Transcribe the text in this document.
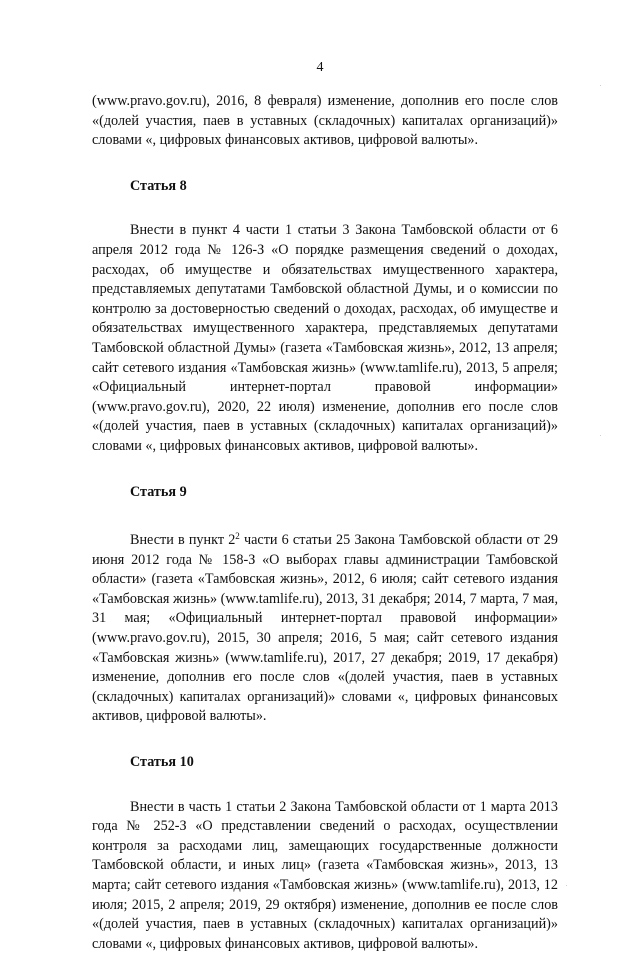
4

(www.pravo.gov.ru), 2016, 8 февраля) изменение, дополнив его после слов «(долей участия, паев в уставных (складочных) капиталах организаций)» словами «, цифровых финансовых активов, цифровой валюты».

Статья 8

Внести в пункт 4 части 1 статьи 3 Закона Тамбовской области от 6 апреля 2012 года № 126-З «О порядке размещения сведений о доходах, расходах, об имуществе и обязательствах имущественного характера, представляемых депутатами Тамбовской областной Думы, и о комиссии по контролю за достоверностью сведений о доходах, расходах, об имуществе и обязательствах имущественного характера, представляемых депутатами Тамбовской областной Думы» (газета «Тамбовская жизнь», 2012, 13 апреля; сайт сетевого издания «Тамбовская жизнь» (www.tamlife.ru), 2013, 5 апреля; «Официальный интернет-портал правовой информации» (www.pravo.gov.ru), 2020, 22 июля) изменение, дополнив его после слов «(долей участия, паев в уставных (складочных) капиталах организаций)» словами «, цифровых финансовых активов, цифровой валюты».

Статья 9

Внести в пункт $2^2$ части 6 статьи 25 Закона Тамбовской области от 29 июня 2012 года № 158-З «О выборах главы администрации Тамбовской области» (газета «Тамбовская жизнь», 2012, 6 июля; сайт сетевого издания «Тамбовская жизнь» (www.tamlife.ru), 2013, 31 декабря; 2014, 7 марта, 7 мая, 31 мая; «Официальный интернет-портал правовой информации» (www.pravo.gov.ru), 2015, 30 апреля; 2016, 5 мая; сайт сетевого издания «Тамбовская жизнь» (www.tamlife.ru), 2017, 27 декабря; 2019, 17 декабря) изменение, дополнив его после слов «(долей участия, паев в уставных (складочных) капиталах организаций)» словами «, цифровых финансовых активов, цифровой валюты».

Статья 10

Внести в часть 1 статьи 2 Закона Тамбовской области от 1 марта 2013 года № 252-З «О представлении сведений о расходах, осуществлении контроля за расходами лиц, замещающих государственные должности Тамбовской области, и иных лиц» (газета «Тамбовская жизнь», 2013, 13 марта; сайт сетевого издания «Тамбовская жизнь» (www.tamlife.ru), 2013, 12 июля; 2015, 2 апреля; 2019, 29 октября) изменение, дополнив ее после слов «(долей участия, паев в уставных (складочных) капиталах организаций)» словами «, цифровых финансовых активов, цифровой валюты».
